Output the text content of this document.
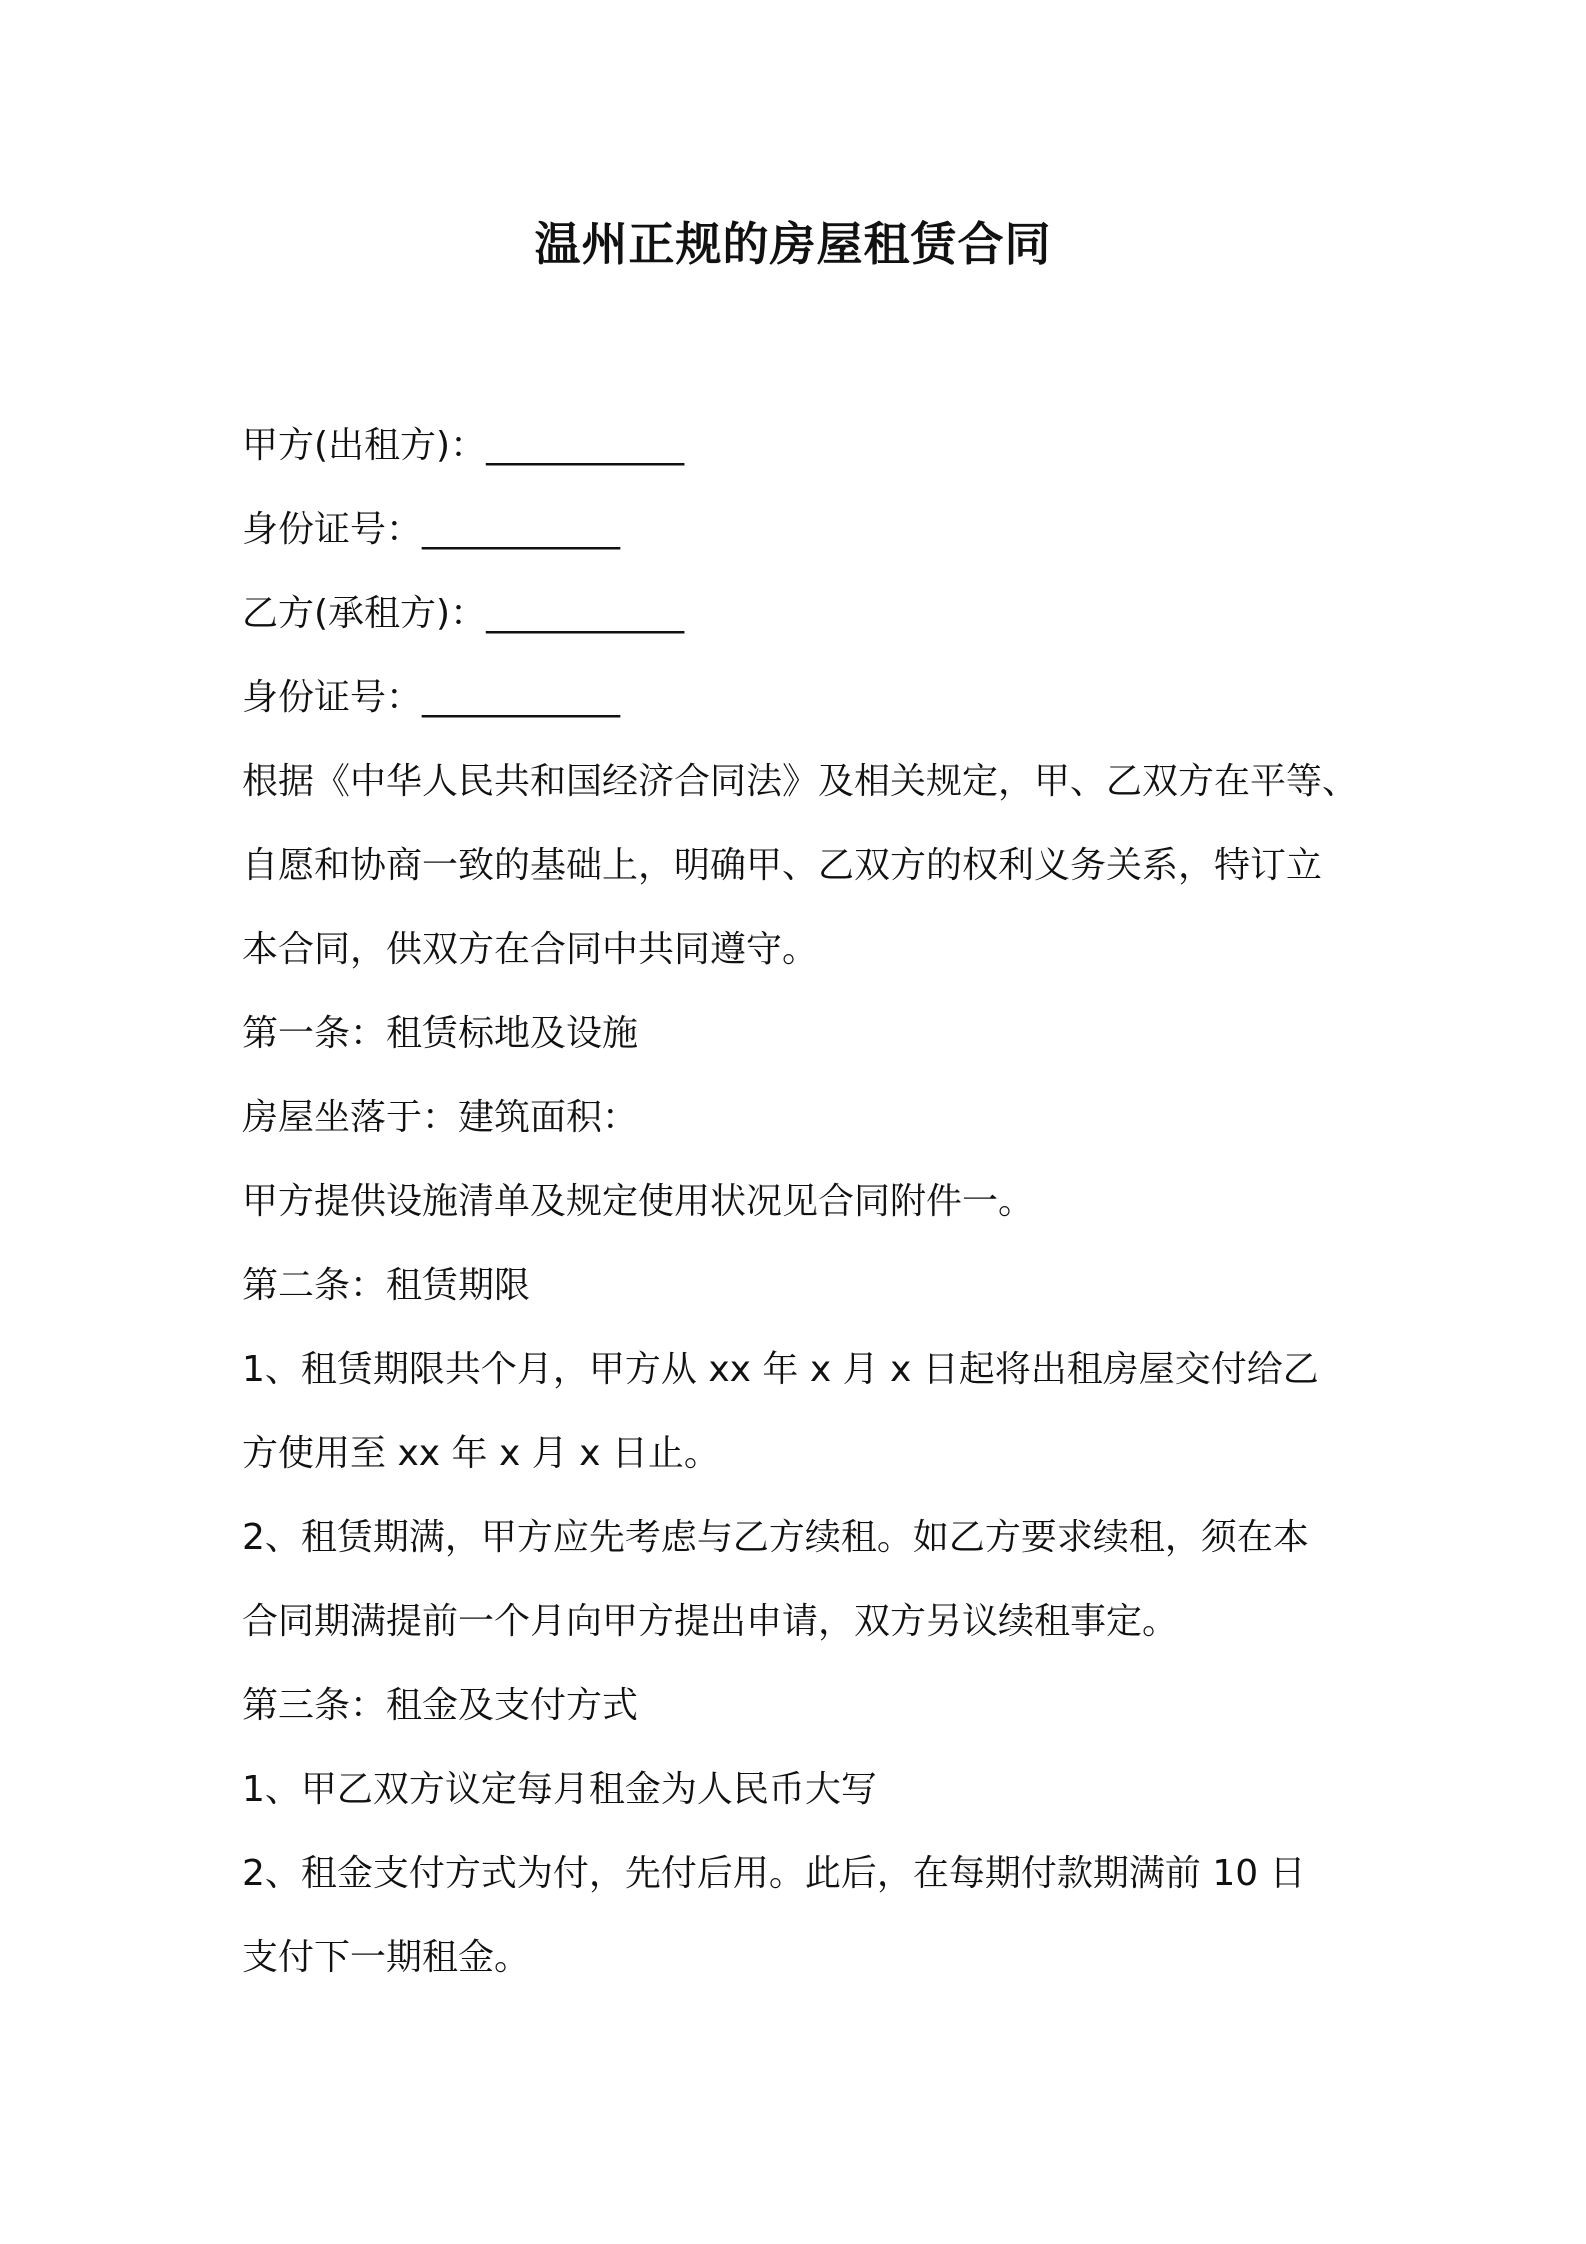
温州正规的房屋租赁合同
甲方(出租方)：___________
身份证号：___________
乙方(承租方)：___________
身份证号：___________
根据《中华人民共和国经济合同法》及相关规定，甲、乙双方在平等、
自愿和协商一致的基础上，明确甲、乙双方的权利义务关系，特订立
本合同，供双方在合同中共同遵守。
第一条：租赁标地及设施
房屋坐落于：建筑面积：
甲方提供设施清单及规定使用状况见合同附件一。
第二条：租赁期限
1、租赁期限共个月，甲方从 xx 年 x 月 x 日起将出租房屋交付给乙
方使用至 xx 年 x 月 x 日止。
2、租赁期满，甲方应先考虑与乙方续租。如乙方要求续租，须在本
合同期满提前一个月向甲方提出申请，双方另议续租事定。
第三条：租金及支付方式
1、甲乙双方议定每月租金为人民币大写
2、租金支付方式为付，先付后用。此后，在每期付款期满前 10 日
支付下一期租金。
